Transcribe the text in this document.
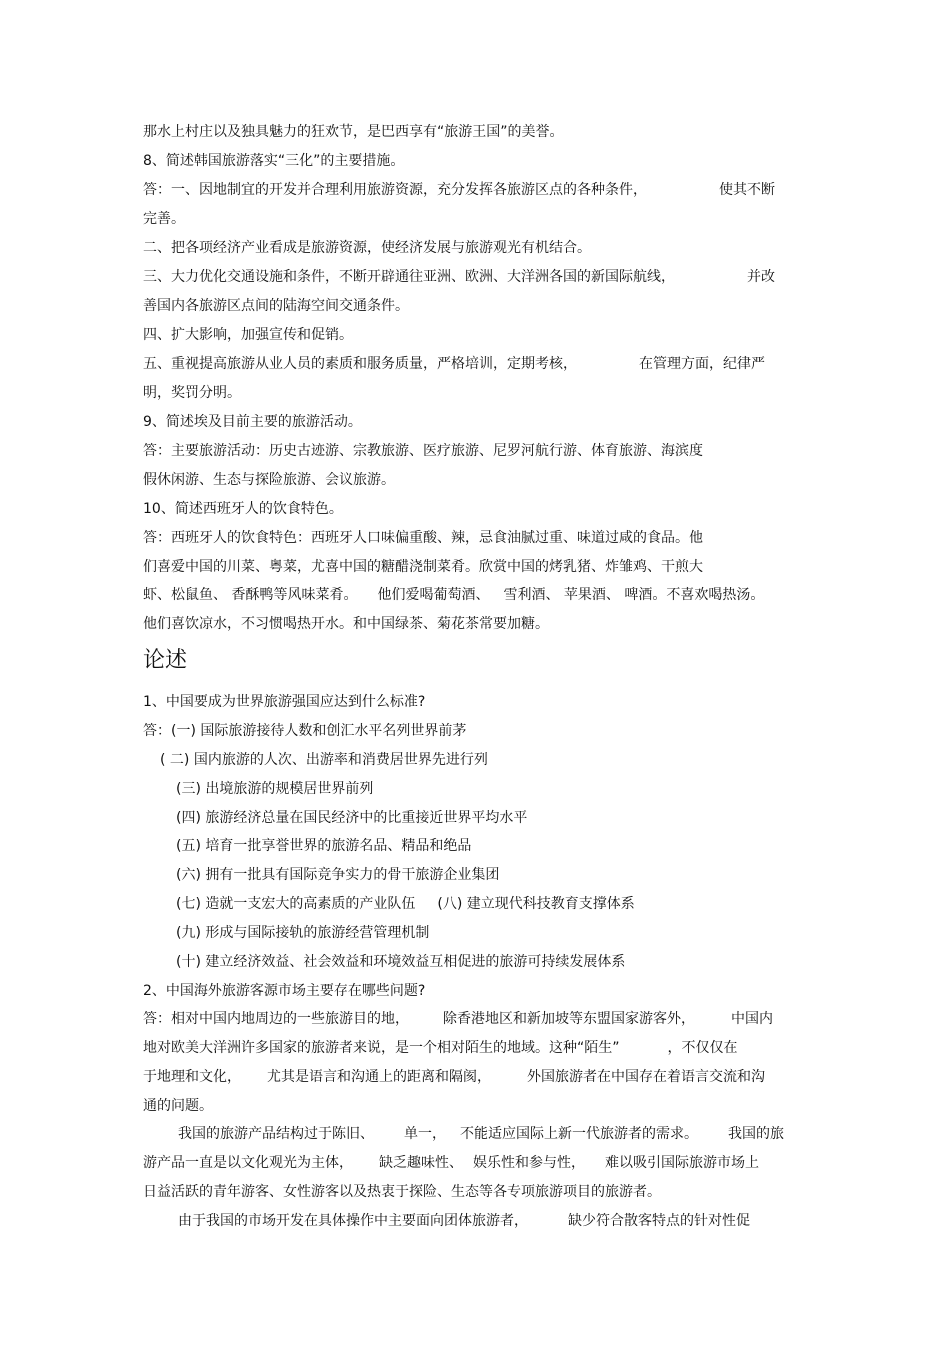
那水上村庄以及独具魅力的狂欢节，是巴西享有“旅游王国”的美誉。
8、简述韩国旅游落实“三化”的主要措施。
答：一、因地制宜的开发并合理利用旅游资源，充分发挥各旅游区点的各种条件，	使其不断
完善。
二、把各项经济产业看成是旅游资源，使经济发展与旅游观光有机结合。
三、大力优化交通设施和条件，不断开辟通往亚洲、欧洲、大洋洲各国的新国际航线，	并改
善国内各旅游区点间的陆海空间交通条件。
四、扩大影响，加强宣传和促销。
五、重视提高旅游从业人员的素质和服务质量，严格培训，定期考核，	在管理方面，纪律严
明，奖罚分明。
9、简述埃及目前主要的旅游活动。
答：主要旅游活动：历史古迹游、宗教旅游、医疗旅游、尼罗河航行游、体育旅游、海滨度
假休闲游、生态与探险旅游、会议旅游。
10、简述西班牙人的饮食特色。
答：西班牙人的饮食特色：西班牙人口味偏重酸、辣，忌食油腻过重、味道过咸的食品。他
们喜爱中国的川菜、粤菜，尤喜中国的糖醋浇制菜肴。欣赏中国的烤乳猪、炸雏鸡、干煎大
虾、松鼠鱼、 香酥鸭等风味菜肴。 他们爱喝葡萄酒、 雪利酒、 苹果酒、 啤酒。不喜欢喝热汤。
他们喜饮凉水，不习惯喝热开水。和中国绿茶、菊花茶常要加糖。
论述
1、中国要成为世界旅游强国应达到什么标准?
答：(一) 国际旅游接待人数和创汇水平名列世界前茅
( 二) 国内旅游的人次、出游率和消费居世界先进行列
(三) 出境旅游的规模居世界前列
(四) 旅游经济总量在国民经济中的比重接近世界平均水平
(五) 培育一批享誉世界的旅游名品、精品和绝品
(六) 拥有一批具有国际竞争实力的骨干旅游企业集团
(七) 造就一支宏大的高素质的产业队伍 (八) 建立现代科技教育支撑体系
(九) 形成与国际接轨的旅游经营管理机制
(十) 建立经济效益、社会效益和环境效益互相促进的旅游可持续发展体系
2、中国海外旅游客源市场主要存在哪些问题?
答：相对中国内地周边的一些旅游目的地， 除香港地区和新加坡等东盟国家游客外，	中国内
地对欧美大洋洲许多国家的旅游者来说，是一个相对陌生的地域。这种“陌生”	，不仅仅在
于地理和文化， 尤其是语言和沟通上的距离和隔阂，	外国旅游者在中国存在着语言交流和沟
通的问题。
我国的旅游产品结构过于陈旧、 单一， 不能适应国际上新一代旅游者的需求。 我国的旅
游产品一直是以文化观光为主体， 缺乏趣味性、 娱乐性和参与性， 难以吸引国际旅游市场上
日益活跃的青年游客、女性游客以及热衷于探险、生态等各专项旅游项目的旅游者。
由于我国的市场开发在具体操作中主要面向团体旅游者，	缺少符合散客特点的针对性促
